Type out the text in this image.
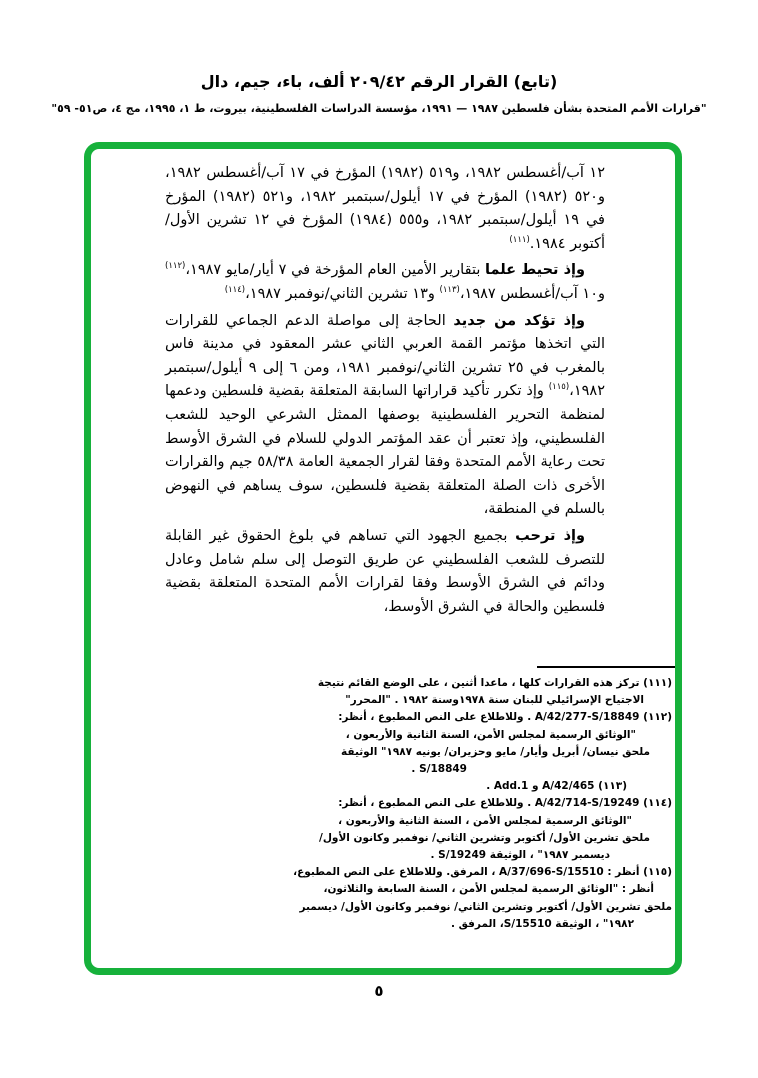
(تابع) القرار الرقم ٢٠٩/٤٢ ألف، باء، جيم، دال
"قرارات الأمم المتحدة بشأن فلسطين ١٩٨٧ — ١٩٩١، مؤسسة الدراسات الفلسطينية، بيروت، ط ١، ١٩٩٥، مج ٤، ص٥١- ٥٩"

١٢ آب/أغسطس ١٩٨٢، و٥١٩ (١٩٨٢) المؤرخ في ١٧ آب/أغسطس ١٩٨٢، و٥٢٠ (١٩٨٢) المؤرخ في ١٧ أيلول/سبتمبر ١٩٨٢، و٥٢١ (١٩٨٢) المؤرخ في ١٩ أيلول/سبتمبر ١٩٨٢، و٥٥٥ (١٩٨٤) المؤرخ في ١٢ تشرين الأول/أكتوبر ١٩٨٤.$^{(١١١)}$

وإذ تحيط علما بتقارير الأمين العام المؤرخة في ٧ أيار/مايو ١٩٨٧،$^{(١١٢)}$ و١٠ آب/أغسطس ١٩٨٧،$^{(١١٣)}$ و١٣ تشرين الثاني/نوفمبر ١٩٨٧،$^{(١١٤)}$

وإذ تؤكد من جديد الحاجة إلى مواصلة الدعم الجماعي للقرارات التي اتخذها مؤتمر القمة العربي الثاني عشر المعقود في مدينة فاس بالمغرب في ٢٥ تشرين الثاني/نوفمبر ١٩٨١، ومن ٦ إلى ٩ أيلول/سبتمبر ١٩٨٢،$^{(١١٥)}$ وإذ تكرر تأكيد قراراتها السابقة المتعلقة بقضية فلسطين ودعمها لمنظمة التحرير الفلسطينية بوصفها الممثل الشرعي الوحيد للشعب الفلسطيني، وإذ تعتبر أن عقد المؤتمر الدولي للسلام في الشرق الأوسط تحت رعاية الأمم المتحدة وفقا لقرار الجمعية العامة ٥٨/٣٨ جيم والقرارات الأخرى ذات الصلة المتعلقة بقضية فلسطين، سوف يساهم في النهوض بالسلم في المنطقة،

وإذ ترحب بجميع الجهود التي تساهم في بلوغ الحقوق غير القابلة للتصرف للشعب الفلسطيني عن طريق التوصل إلى سلم شامل وعادل ودائم في الشرق الأوسط وفقا لقرارات الأمم المتحدة المتعلقة بقضية فلسطين والحالة في الشرق الأوسط،

(١١١) تركز هذه القرارات كلها ، ماعدا أثنين ، على الوضع القائم نتيجة
الاجتياح الإسرائيلي للبنان سنة ١٩٧٨وسنة ١٩٨٢ . "المحرر"
(١١٢) A/42/277-S/18849 . وللاطلاع على النص المطبوع ، أنظر:
"الوثائق الرسمية لمجلس الأمن، السنة الثانية والأربعون ،
ملحق نيسان/ أبريل وأيار/ مايو وحزيران/ يونيه ١٩٨٧" الوثيقة
S/18849 .
(١١٣) A/42/465 و Add.1 .
(١١٤) A/42/714-S/19249 . وللاطلاع على النص المطبوع ، أنظر:
"الوثائق الرسمية لمجلس الأمن ، السنة الثانية والأربعون ،
ملحق تشرين الأول/ أكتوبر وتشرين الثاني/ نوفمبر وكانون الأول/
ديسمبر ١٩٨٧" ، الوثيقة S/19249 .
(١١٥) أنظر : A/37/696-S/15510 ، المرفق. وللاطلاع على النص المطبوع،
أنظر : "الوثائق الرسمية لمجلس الأمن ، السنة السابعة والثلاثون،
ملحق تشرين الأول/ أكتوبر وتشرين الثاني/ نوفمبر وكانون الأول/ ديسمبر
١٩٨٢" ، الوثيقة S/15510، المرفق .
٥
